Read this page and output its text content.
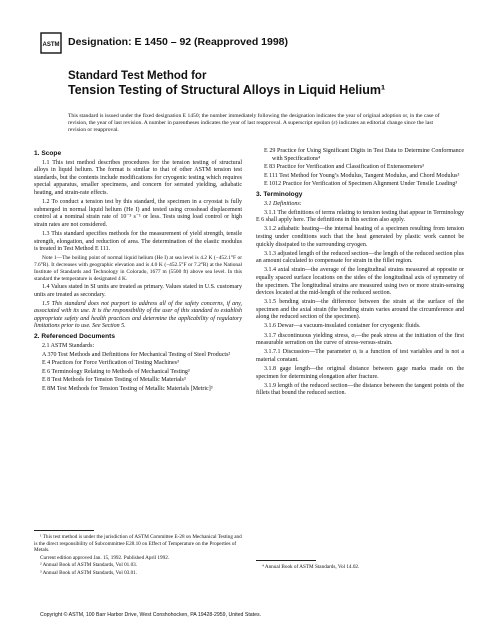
ASTM Designation: E 1450 – 92 (Reapproved 1998)
Standard Test Method for
Tension Testing of Structural Alloys in Liquid Helium¹
This standard is issued under the fixed designation E 1450; the number immediately following the designation indicates the year of original adoption or, in the case of revision, the year of last revision. A number in parentheses indicates the year of last reapproval. A superscript epsilon (ε) indicates an editorial change since the last revision or reapproval.
1. Scope

1.1 This test method describes procedures for the tension testing of structural alloys in liquid helium. The format is similar to that of other ASTM tension test standards, but the contents include modifications for cryogenic testing which requires special apparatus, smaller specimens, and concern for serrated yielding, adiabatic heating, and strain-rate effects.

1.2 To conduct a tension test by this standard, the specimen in a cryostat is fully submerged in normal liquid helium (He I) and tested using crosshead displacement control at a nominal strain rate of 10⁻³ s⁻¹ or less. Tests using load control or high strain rates are not considered.

1.3 This standard specifies methods for the measurement of yield strength, tensile strength, elongation, and reduction of area. The determination of the elastic modulus is treated in Test Method E 111.

Note 1—The boiling point of normal liquid helium (He I) at sea level is 4.2 K (−452.1°F or 7.6°R). It decreases with geographic elevation and is 4.0 K (−452.5°F or 7.2°R) at the National Institute of Standards and Technology in Colorado, 1677 m (5500 ft) above sea level. In this standard the temperature is designated 4 K.

1.4 Values stated in SI units are treated as primary. Values stated in U.S. customary units are treated as secondary.

1.5 This standard does not purport to address all of the safety concerns, if any, associated with its use. It is the responsibility of the user of this standard to establish appropriate safety and health practices and determine the applicability of regulatory limitations prior to use. See Section 5.

2. Referenced Documents

2.1 ASTM Standards:

A 370 Test Methods and Definitions for Mechanical Testing of Steel Products²
E 4 Practices for Force Verification of Testing Machines³
E 6 Terminology Relating to Methods of Mechanical Testing³
E 8 Test Methods for Tension Testing of Metallic Materials³
E 8M Test Methods for Tension Testing of Metallic Materials [Metric]³

¹ This test method is under the jurisdiction of ASTM Committee E-28 on Mechanical Testing and is the direct responsibility of Subcommittee E28.10 on Effect of Temperature on the Properties of Metals.

Current edition approved Jan. 15, 1992. Published April 1992.

² Annual Book of ASTM Standards, Vol 01.03.

³ Annual Book of ASTM Standards, Vol 03.01.

E 29 Practice for Using Significant Digits in Test Data to Determine Conformance with Specifications⁴
E 83 Practice for Verification and Classification of Extensometers³
E 111 Test Method for Young’s Modulus, Tangent Modulus, and Chord Modulus³
E 1012 Practice for Verification of Specimen Alignment Under Tensile Loading³
3. Terminology

3.1 Definitions:

3.1.1 The definitions of terms relating to tension testing that appear in Terminology E 6 shall apply here. The definitions in this section also apply.

3.1.2 adiabatic heating—the internal heating of a specimen resulting from tension testing under conditions such that the heat generated by plastic work cannot be quickly dissipated to the surrounding cryogen.

3.1.3 adjusted length of the reduced section—the length of the reduced section plus an amount calculated to compensate for strain in the fillet region.

3.1.4 axial strain—the average of the longitudinal strains measured at opposite or equally spaced surface locations on the sides of the longitudinal axis of symmetry of the specimen. The longitudinal strains are measured using two or more strain-sensing devices located at the mid-length of the reduced section.

3.1.5 bending strain—the difference between the strain at the surface of the specimen and the axial strain (the bending strain varies around the circumference and along the reduced section of the specimen).

3.1.6 Dewar—a vacuum-insulated container for cryogenic fluids.

3.1.7 discontinuous yielding stress, σᵢ—the peak stress at the initiation of the first measurable serration on the curve of stress-versus-strain.

3.1.7.1 Discussion—The parameter σᵢ is a function of test variables and is not a material constant.

3.1.8 gage length—the original distance between gage marks made on the specimen for determining elongation after fracture.

3.1.9 length of the reduced section—the distance between the tangent points of the fillets that bound the reduced section.

⁴ Annual Book of ASTM Standards, Vol 14.02.

Copyright © ASTM, 100 Barr Harbor Drive, West Conshohocken, PA 19428-2959, United States.
